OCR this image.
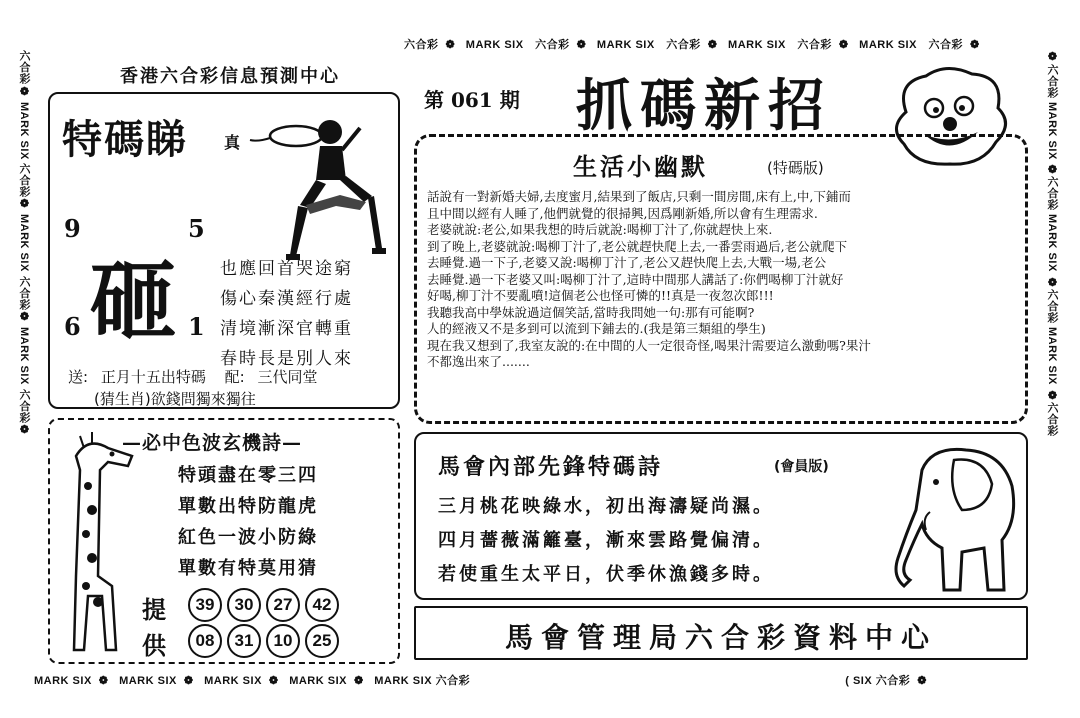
六合彩 ❁ MARK SIX 六合彩 ❁ MARK SIX 六合彩 ❁ MARK SIX 六合彩 ❁ MARK SIX 六合彩 ❁
MARK SIX ❁ MARK SIX ❁ MARK SIX ❁ MARK SIX ❁ MARK SIX 六合彩	( SIX 六合彩 ❁
六合彩❁ MARK SIX 六合彩❁ MARK SIX 六合彩❁ MARK SIX 六合彩❁
❁六合彩 MARK SIX ❁六合彩 MARK SIX ❁六合彩 MARK SIX ❁六合彩
香港六合彩信息預測中心
特碼睇 真
9	5
6	1
砸	也應回首哭途窮
傷心秦漢經行處
清境漸深官轉重
春時長是別人來
送: 正月十五出特碼 配: 三代同堂
(猜生肖)欲錢問獨來獨往
—必中色波玄機詩—
特頭盡在零三四
單數出特防龍虎
紅色一波小防綠
單數有特莫用猜
提
供
39	30	27	42
08	31	10	25
第 061 期 抓碼新招
生活小幽默	(特碼版)

話說有一對新婚夫婦,去度蜜月,結果到了飯店,只剩一間房間,床有上,中,下鋪而

且中間以經有人睡了,他們就覺的很掃興,因爲剛新婚,所以會有生理需求.

老婆就說:老公,如果我想的時后就說:喝柳丁汁了,你就趕快上來.

到了晚上,老婆就說:喝柳丁汁了,老公就趕快爬上去,一番雲雨過后,老公就爬下

去睡覺.過一下子,老婆又說:喝柳丁汁了,老公又趕快爬上去,大戰一場,老公

去睡覺.過一下老婆又叫:喝柳丁汁了,這時中間那人講話了:你們喝柳丁汁就好

好喝,柳丁汁不要亂噴!這個老公也怪可憐的!!真是一夜忽次郎!!!

我聽我高中學妹說過這個笑話,當時我問她一句:那有可能啊?

人的經液又不是多到可以流到下鋪去的.(我是第三類組的學生)

現在我又想到了,我室友說的:在中間的人一定很奇怪,喝果汁需要這么激動嗎?果汁

不都逸出來了.......

馬會內部先鋒特碼詩	(會員版)
三月桃花映綠水，初出海濤疑尚濕。
四月薔薇滿籬臺，漸來雲路覺偏清。
若使重生太平日，伏季休漁錢多時。
馬會管理局六合彩資料中心
